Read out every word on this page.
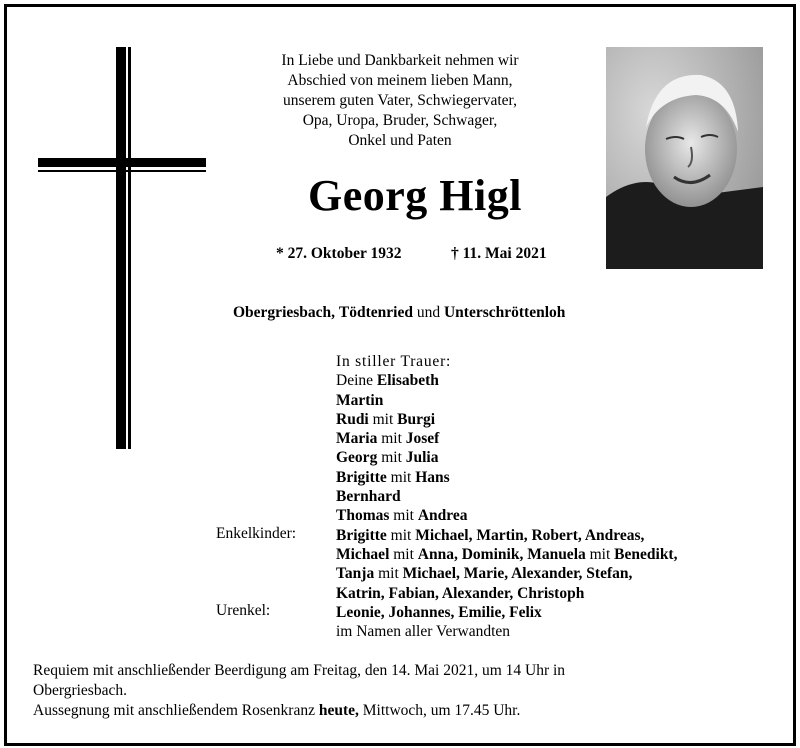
In Liebe und Dankbarkeit nehmen wir
Abschied von meinem lieben Mann,
unserem guten Vater, Schwiegervater,
Opa, Uropa, Bruder, Schwager,
Onkel und Paten
Georg Higl
* 27. Oktober 1932	† 11. Mai 2021
Obergriesbach, Tödtenried und Unterschröttenloh
In stiller Trauer:
Deine Elisabeth
Martin
Rudi mit Burgi
Maria mit Josef
Georg mit Julia
Brigitte mit Hans
Bernhard
Thomas mit Andrea
Brigitte mit Michael, Martin, Robert, Andreas,
Michael mit Anna, Dominik, Manuela mit Benedikt,
Tanja mit Michael, Marie, Alexander, Stefan,
Katrin, Fabian, Alexander, Christoph
Leonie, Johannes, Emilie, Felix
im Namen aller Verwandten
Enkelkinder:
Urenkel:
Requiem mit anschließender Beerdigung am Freitag, den 14. Mai 2021, um 14 Uhr in
Obergriesbach.
Aussegnung mit anschließendem Rosenkranz heute, Mittwoch, um 17.45 Uhr.
